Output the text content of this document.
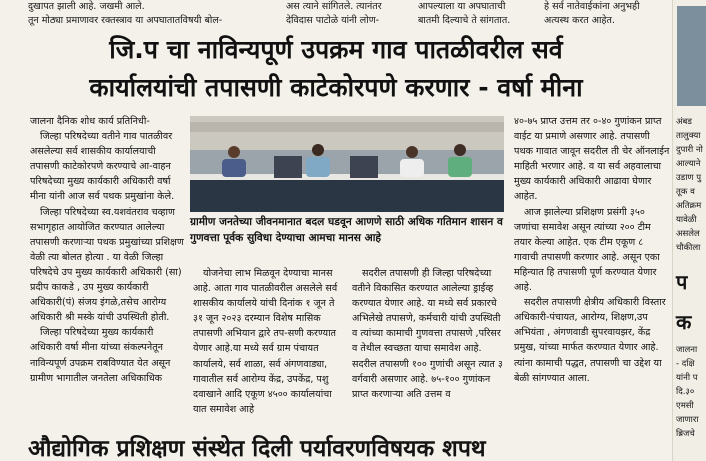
दुखापत झाली आहे. जखमी आले.
तून मोठ्या प्रमाणावर रक्तस्त्राव या अपघातातविषयी बोल-
अस त्याने सांगितले. त्यानंतर
देविदास पाटोळे यांनी लोण-
आपल्याला या अपघाताची
बातमी दिल्याचे ते सांगतात.
हे सर्व नातेवाईकांना अनुभही
अत्यस्थ करत आहेत.
जि.प चा नाविन्यपूर्ण उपक्रम गाव पातळीवरील सर्व
कार्यालयांची तपासणी काटेकोरपणे करणार - वर्षा मीना

जालना दैनिक शोध कार्य प्रतिनिधी-

जिल्हा परिषदेच्या वतीने गाव पातळीवर असलेल्या सर्व शासकीय कार्यालयाची तपासणी काटेकोरपणे करण्याचे आ-वाहन परिषदेच्या मुख्य कार्यकारी अधिकारी वर्षा मीना यांनी आज सर्व पथक प्रमुखांना केले.

जिल्हा परिषदेच्या स्व.यशवंतराव चव्हाण सभागृहात आयोजित करण्यात आलेल्या तपासणी करणाऱ्या पथक प्रमुखांच्या प्रशिक्षण वेळी त्या बोलत होत्या . या वेळी जिल्हा परिषदेचे उप मुख्य कार्यकारी अधिकारी (सा) प्रदीप काकडे , उप मुख्य कार्यकारी अधिकारी(पं) संजय इंगळे,तसेच आरोग्य अधिकारी श्री मस्के यांची उपस्थिती होती.

जिल्हा परिषदेच्या मुख्य कार्यकारी अधिकारी वर्षा मीना यांच्या संकल्पनेतून नाविन्यपूर्ण उपक्रम राबविण्यात येत असून ग्रामीण भागातील जनतेला अधिकाधिक

ग्रामीण जनतेच्या जीवनमानात बदल घडवून आणणे साठी अधिक गतिमान शासन व गुणवत्ता पूर्वक सुविधा देण्याचा आमचा मानस आहे

योजनेचा लाभ मिळवून देण्याचा मानस आहे. आता गाव पातळीवरील असलेले सर्व शासकीय कार्यालये यांची दिनांक १ जून ते ३१ जून २०२३ दरम्यान विशेष मासिक तपासणी अभियान द्वारे तप-सणी करण्यात येणार आहे.या मध्ये सर्व ग्राम पंचायत कार्यालये, सर्व शाळा, सर्व अंगणवाड्या, गावातील सर्व आरोग्य केंद्र, उपकेंद्र, पशु दवाखाने आदि एकूण ४५०० कार्यालयांचा यात समावेश आहे

सदरील तपासणी ही जिल्हा परिषदेच्या वतीने विकासित करण्यात आलेल्या ड्राईव्ह करण्यात येणार आहे. या मध्ये सर्व प्रकारचे अभिलेखे तपासणे, कर्मचारी यांची उपस्थिती व त्यांच्या कामाची गुणवत्ता तपासणे ,परिसर व तेथील स्वच्छता याचा समावेश आहे. सदरील तपासणी १०० गुणांची असून त्यात ३ वर्गवारी असणार आहे. ७५-१०० गुणांकन प्राप्त करणाऱ्या अति उत्तम व

४०-७५ प्राप्त उत्तम तर ०-४० गुणांकन प्राप्त वाईट या प्रमाणे असणार आहे. तपासणी पथक गावात जावून सदरील ती चेर ऑनलाईन माहिती भरणार आहे. व या सर्व अहवालाचा मुख्य कार्यकारी अधिकारी आढावा घेणार आहेत.

आज झालेल्या प्रशिक्षण प्रसंगी ३५० जणांचा समावेश असून त्यांच्या २०० टीम तयार केल्या आहेत. एक टीम एकूण ८ गावाची तपासणी करणार आहे. असून एका महिन्यात हि तपासणी पूर्ण करण्यात येणार आहे.

सदरील तपासणी क्षेत्रीय अधिकारी विस्तार अधिकारी-पंचायत, आरोग्य, शिक्षण,उप अभियंता , अंगणवाडी सुपरवायझर, केंद्र प्रमुख, यांच्या मार्फत करण्यात येणार आहे. त्यांना कामाची पद्धत, तपासणी चा उद्देश या बेळी सांगण्यात आला.

अंबड
तालुक्या
दुपारी नो
आल्याने
उडाण पु
तूक व
अतिक्रम
यावेळी
असलेल
चौकीला
प
क
जालना
- दक्षि
यांनी प
दि.३०
एमसी
जाणारा
ब्रिजचे
औद्योगिक प्रशिक्षण संस्थेत दिली पर्यावरणविषयक शपथ
